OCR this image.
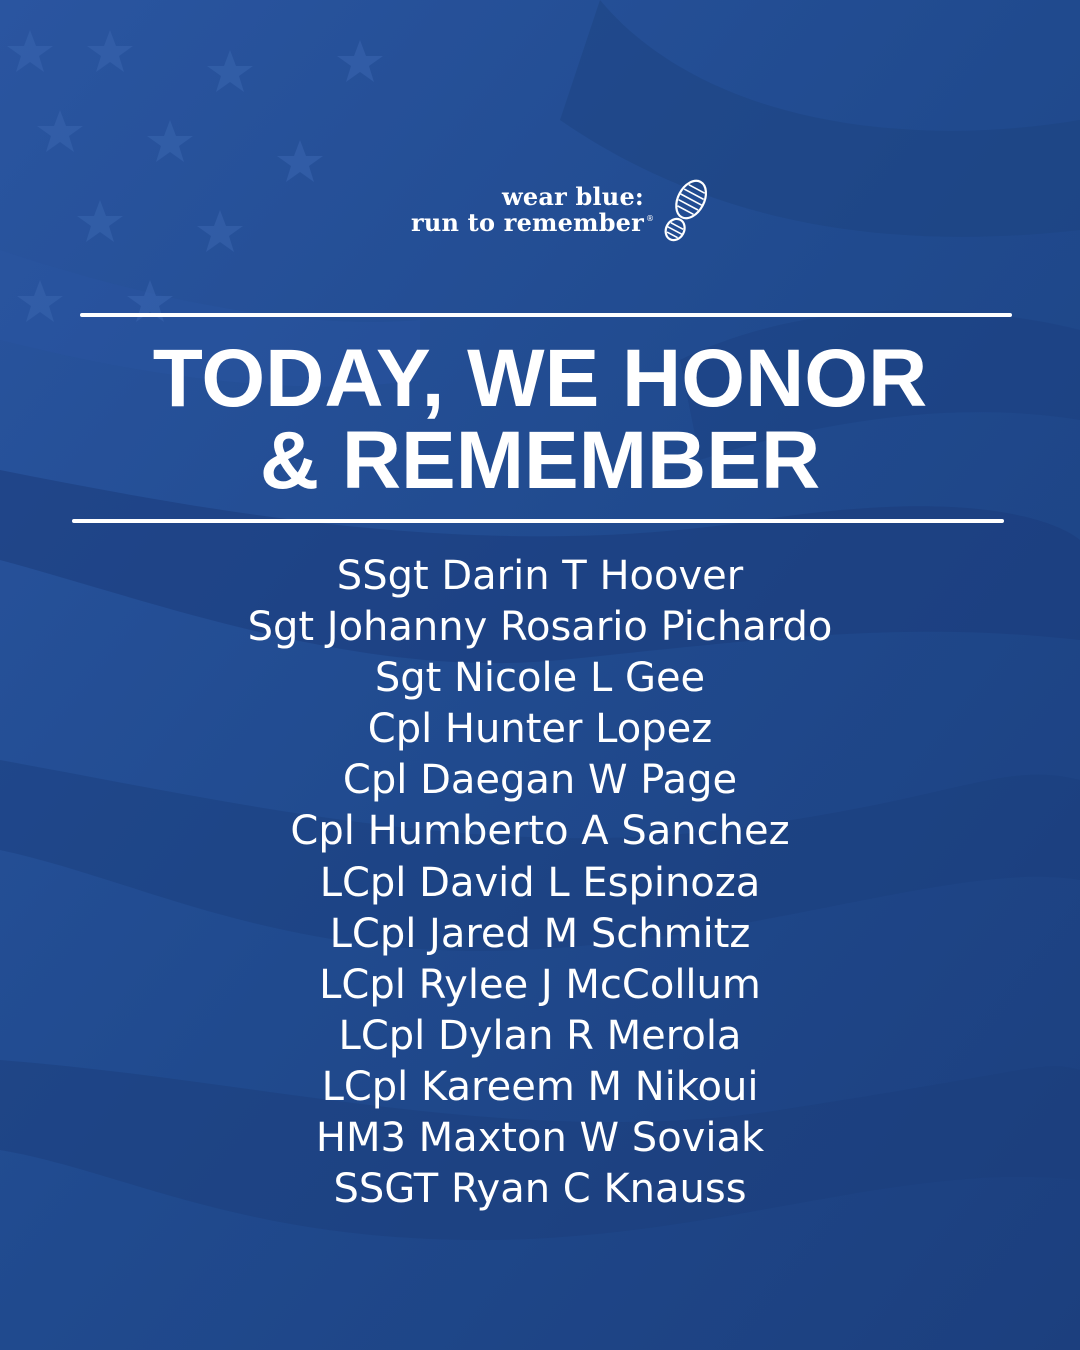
wear blue:
run to remember ®
TODAY, WE HONOR
& REMEMBER
SSgt Darin T Hoover
Sgt Johanny Rosario Pichardo
Sgt Nicole L Gee
Cpl Hunter Lopez
Cpl Daegan W Page
Cpl Humberto A Sanchez
LCpl David L Espinoza
LCpl Jared M Schmitz
LCpl Rylee J McCollum
LCpl Dylan R Merola
LCpl Kareem M Nikoui
HM3 Maxton W Soviak
SSGT Ryan C Knauss
